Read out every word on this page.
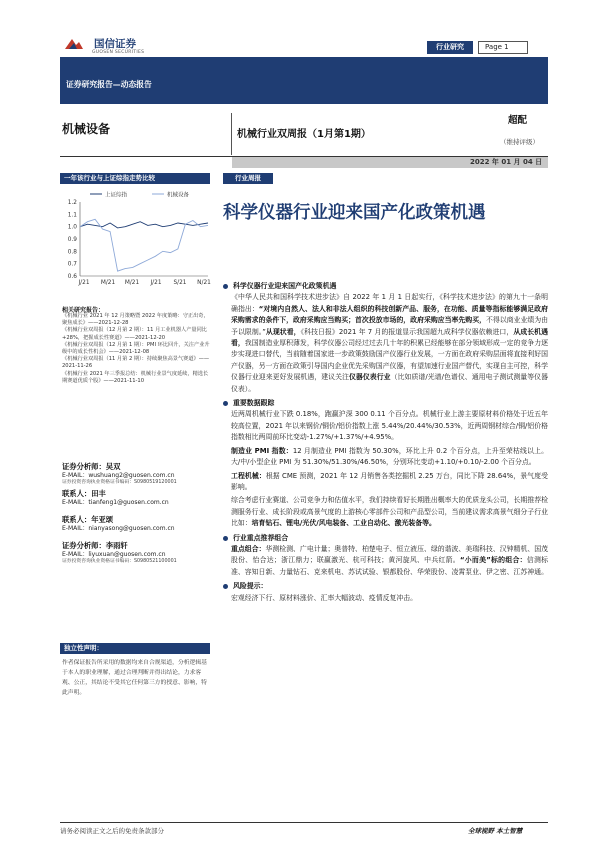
国信证券
GUOSEN SECURITIES
行业研究	Page 1
证券研究报告—动态报告
机械设备	机械行业双周报（1月第1期）
超配
（维持评级）
2022 年 01 月 04 日
一年该行业与上证综指走势比较
上证综指	机械设备
1.2
1.0
0.8
0.6
0.7
0.9
1.1
J/21 M/21 M/21 J/21 S/21 N/21
相关研究报告：

《机械行业 2021 年 12 月策略暨 2022 年度策略：守正出奇，聚焦成长》——2021-12-28

《机械行业双周报（12 月第 2 期）：11 月工业机器人产量同比+28%，把握成长性赛道》——2021-12-20

《机械行业双周报（12 月第 1 期）：PMI 环比回升，关注产业升级中的成长性机会》——2021-12-08

《机械行业双周报（11 月第 2 期）：持续聚焦高景气赛道》——2021-11-26

《机械行业 2021 年三季报总结：机械行业景气度延续，精选长期赛道优质个股》——2021-11-10

证券分析师：吴双
E-MAIL：wushuang2@guosen.com.cn
证券投资咨询执业资格证书编码：S0980519120001
联系人：田丰
E-MAIL：tianfeng1@guosen.com.cn
联系人：年亚颂
E-MAIL：nianyasong@guosen.com.cn
证券分析师：李雨轩
E-MAIL：liyuxuan@guosen.com.cn
证券投资咨询执业资格证书编码：S0980521100001
独立性声明：
作者保证报告所采用的数据均来自合规渠道，分析逻辑基于本人的职业理解，通过合理判断并得出结论，力求客观、公正，其结论不受其它任何第三方的授意、影响，特此声明。
行业周报
科学仪器行业迎来国产化政策机遇
科学仪器行业迎来国产化政策机遇

《中华人民共和国科学技术进步法》自 2022 年 1 月 1 日起实行，《科学技术进步法》的第九十一条明确指出：“对境内自然人、法人和非法人组织的科技创新产品、服务，在功能、质量等指标能够满足政府采购需求的条件下，政府采购应当购买；首次投放市场的，政府采购应当率先购买，不得以商业业绩为由予以限制。”从现状看，《科技日报》2021 年 7 月的报道显示我国超九成科学仪器依赖进口，从成长机遇看，我国制造业厚积薄发，科学仪器公司经过过去几十年的积累已经能够在部分领域形成一定的竞争力逐步实现进口替代，当前随着国家进一步政策鼓励国产仪器行业发展，一方面在政府采购层面将直接利好国产仪器，另一方面在政策引导国内企业优先采购国产仪器，有望加速行业国产替代，实现自主可控，科学仪器行业迎来更好发展机遇，建议关注仪器仪表行业（比如质谱/光谱/色谱仪、通用电子测试测量等仪器仪表）。

重要数据跟踪

近两周机械行业下跌 0.18%，跑赢沪深 300 0.11 个百分点。机械行业上游主要原材料价格处于近五年较高位置，2021 年以来钢价/铜价/铝价指数上涨 5.44%/20.44%/30.53%，近两周钢材综合/铜/铝价格指数相比两周前环比变动-1.27%/+1.37%/+4.95%。

制造业 PMI 指数：12 月制造业 PMI 指数为 50.30%，环比上升 0.2 个百分点，上升至荣枯线以上。大/中/小型企业 PMI 为 51.30%/51.30%/46.50%，分别环比变动+1.10/+0.10/-2.00 个百分点。

工程机械：根据 CME 预测，2021 年 12 月销售各类挖掘机 2.25 万台，同比下降 28.64%，景气度受影响。

综合考虑行业赛道、公司竞争力和估值水平，我们持续看好长期胜出概率大的优质龙头公司，长期推荐检测服务行业、成长阶段或高景气度的上游核心零部件公司和产品型公司，当前建议需求高景气细分子行业比如：培育钻石、锂电/光伏/风电装备、工业自动化、激光装备等。

行业重点推荐组合

重点组合：华测检测、广电计量；奥普特、柏楚电子、恒立液压、绿的谐波、美瑞科技、汉钟精机、国茂股份、怡合达；浙江鼎力；联赢激光、杭可科技；黄河旋风、中兵红箭。“小而美”标的组合：信测标准、容知日新、力量钻石、克来机电、苏试试验、银都股份、华荣股份、凌霄泵业、伊之密、江苏神通。

风险提示：

宏观经济下行、原材料涨价、汇率大幅波动、疫情反复冲击。

请务必阅读正文之后的免责条款部分	全球视野 本土智慧
